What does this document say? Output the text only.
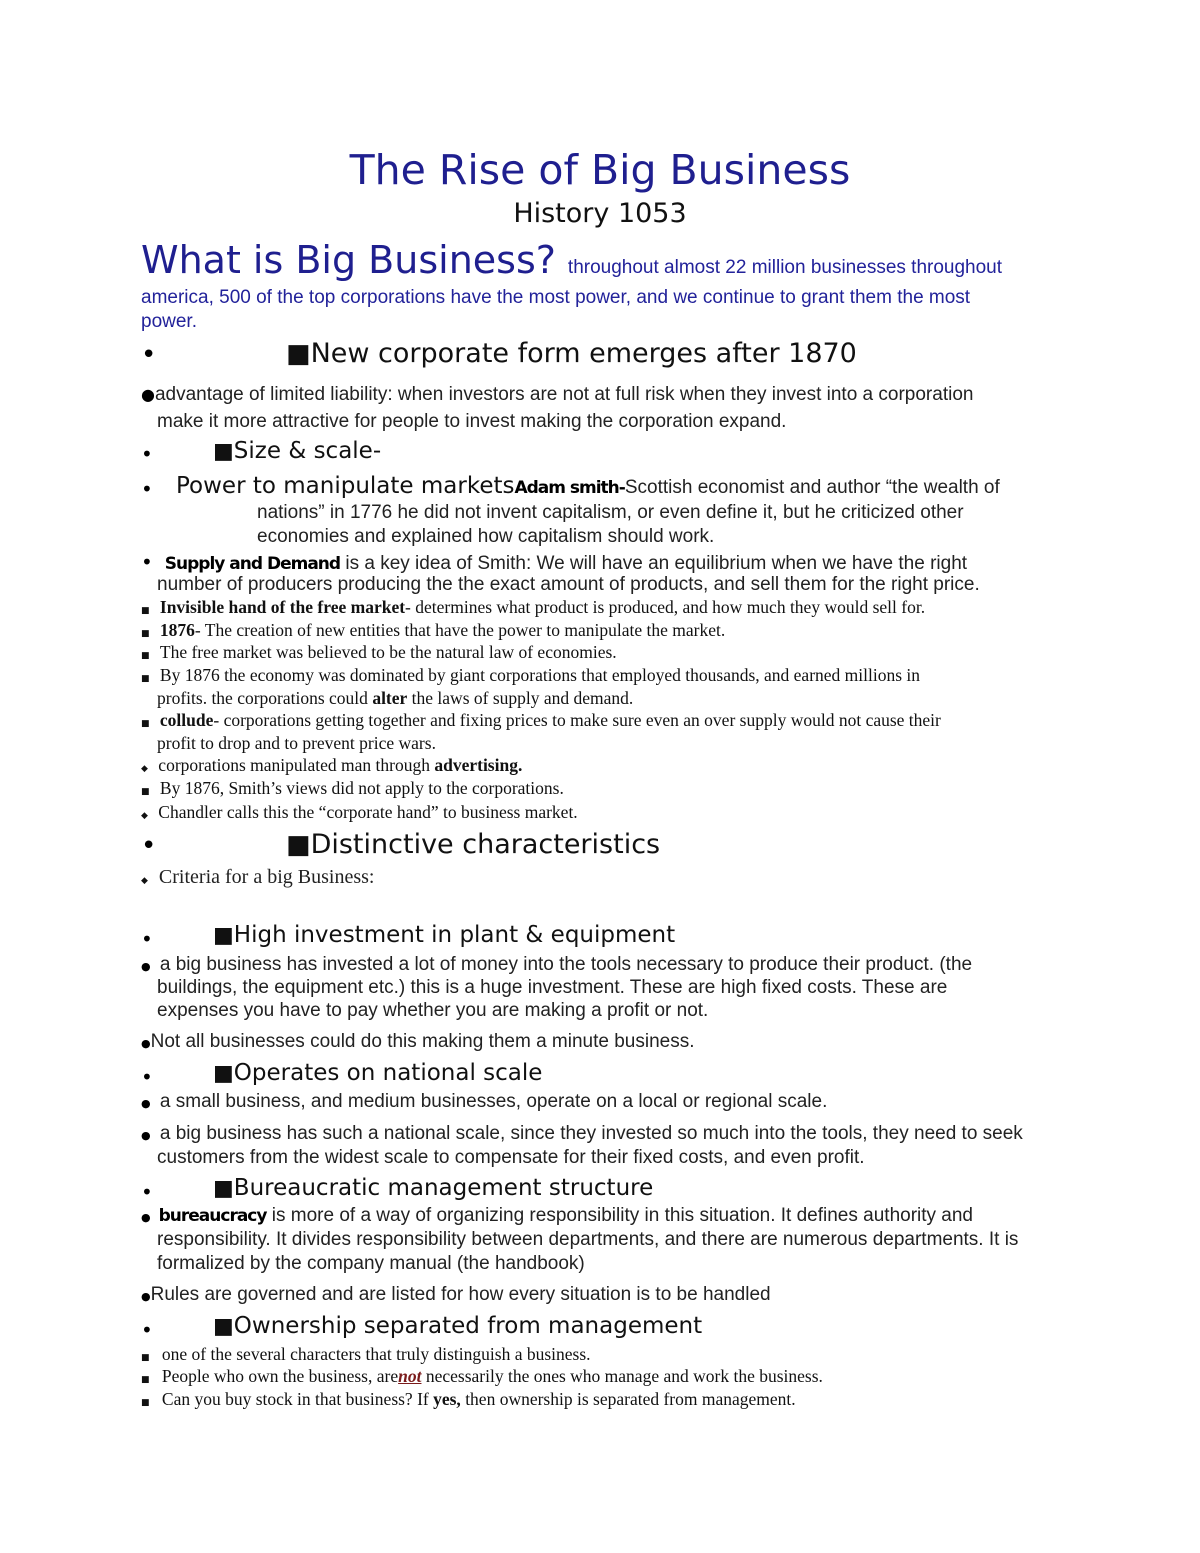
The Rise of Big Business
History 1053
What is Big Business? throughout almost 22 million businesses throughout
america, 500 of the top corporations have the most power, and we continue to grant them the most
power.
•	■New corporate form emerges after 1870
●advantage of limited liability: when investors are not at full risk when they invest into a corporation
make it more attractive for people to invest making the corporation expand.
•	■Size & scale-
• Power to manipulate marketsAdam smith-Scottish economist and author “the wealth of
nations” in 1776 he did not invent capitalism, or even define it, but he criticized other
economies and explained how capitalism should work.
• Supply and Demand is a key idea of Smith: We will have an equilibrium when we have the right
number of producers producing the the exact amount of products, and sell them for the right price.
■ Invisible hand of the free market- determines what product is produced, and how much they would sell for.
■ 1876- The creation of new entities that have the power to manipulate the market.
■ The free market was believed to be the natural law of economies.
■ By 1876 the economy was dominated by giant corporations that employed thousands, and earned millions in
profits. the corporations could alter the laws of supply and demand.
■ collude- corporations getting together and fixing prices to make sure even an over supply would not cause their
profit to drop and to prevent price wars.
◆ corporations manipulated man through advertising.
■ By 1876, Smith’s views did not apply to the corporations.
◆ Chandler calls this the “corporate hand” to business market.
•	■Distinctive characteristics
◆ Criteria for a big Business:
•	■High investment in plant & equipment
● a big business has invested a lot of money into the tools necessary to produce their product. (the
buildings, the equipment etc.) this is a huge investment. These are high fixed costs. These are
expenses you have to pay whether you are making a profit or not.
●Not all businesses could do this making them a minute business.
•	■Operates on national scale
● a small business, and medium businesses, operate on a local or regional scale.
● a big business has such a national scale, since they invested so much into the tools, they need to seek
customers from the widest scale to compensate for their fixed costs, and even profit.
•	■Bureaucratic management structure
● bureaucracy is more of a way of organizing responsibility in this situation. It defines authority and
responsibility. It divides responsibility between departments, and there are numerous departments. It is
formalized by the company manual (the handbook)
●Rules are governed and are listed for how every situation is to be handled
•	■Ownership separated from management
■ one of the several characters that truly distinguish a business.
■ People who own the business, arenot necessarily the ones who manage and work the business.
■ Can you buy stock in that business? If yes, then ownership is separated from management.
